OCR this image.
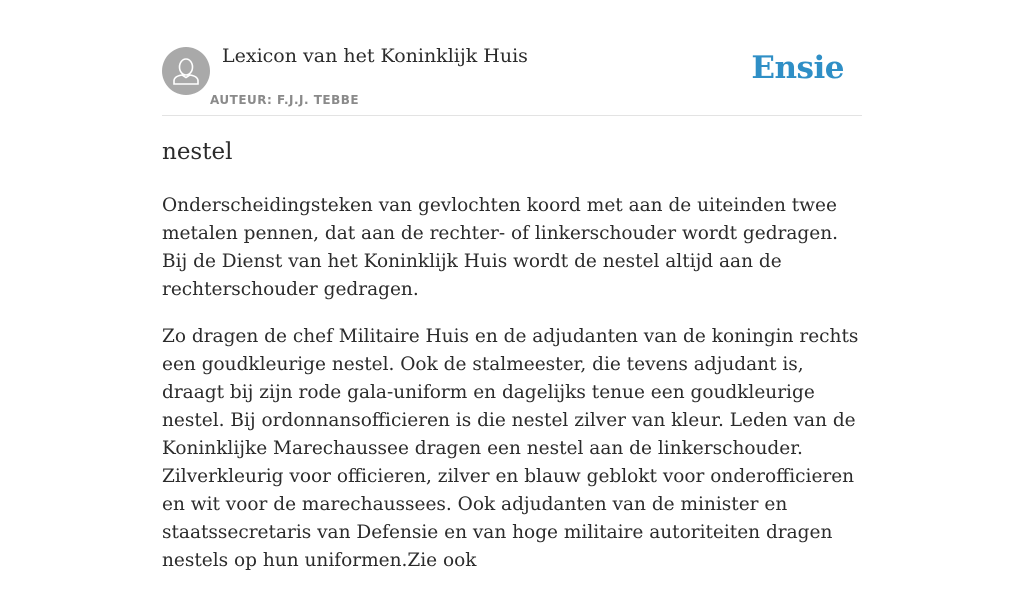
Lexicon van het Koninklijk Huis
AUTEUR: F.J.J. TEBBE
Ensie
nestel

Onderscheidingsteken van gevlochten koord met aan de uiteinden twee metalen pennen, dat aan de rechter- of linkerschouder wordt gedragen. Bij de Dienst van het Koninklijk Huis wordt de nestel altijd aan de rechterschouder gedragen.

Zo dragen de chef Militaire Huis en de adjudanten van de koningin rechts een goudkleurige nestel. Ook de stalmeester, die tevens adjudant is, draagt bij zijn rode gala-uniform en dagelijks tenue een goudkleurige nestel. Bij ordonnansofficieren is die nestel zilver van kleur. Leden van de Koninklijke Marechaussee dragen een nestel aan de linkerschouder. Zilverkleurig voor officieren, zilver en blauw geblokt voor onderofficieren en wit voor de marechaussees. Ook adjudanten van de minister en staatssecretaris van Defensie en van hoge militaire autoriteiten dragen nestels op hun uniformen.Zie ook
